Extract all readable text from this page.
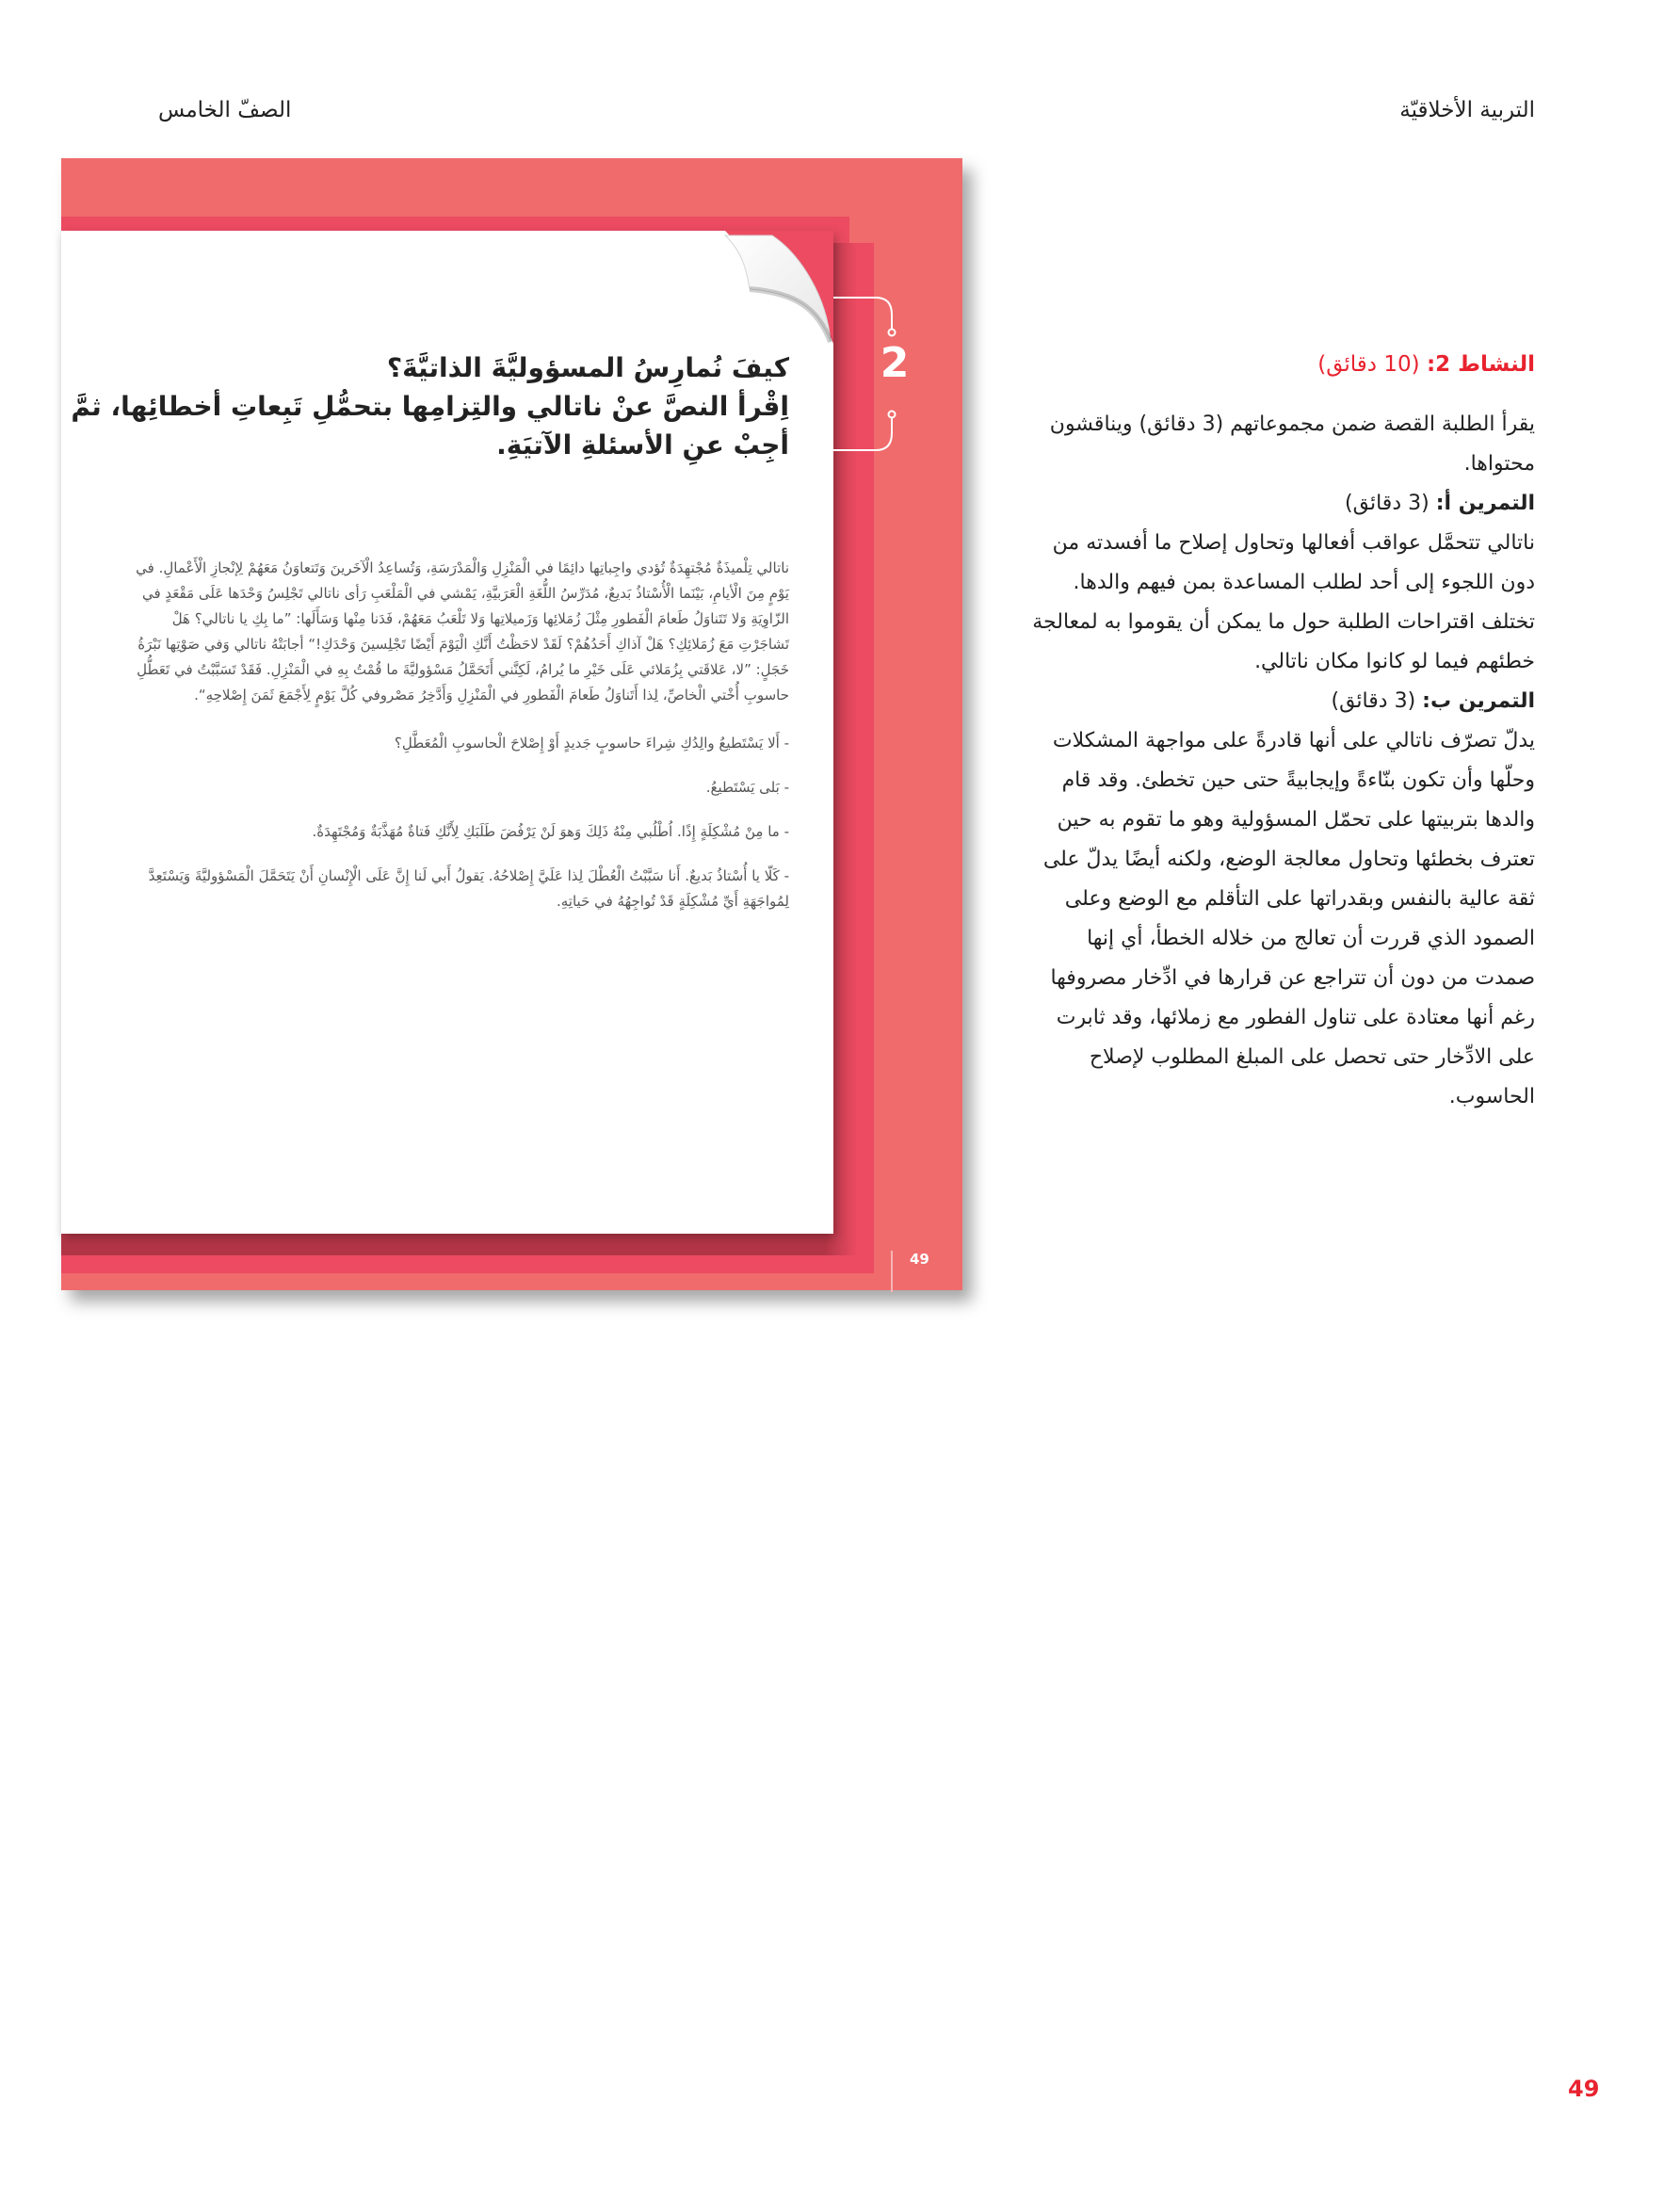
التربية الأخلاقيّة
الصفّ الخامس
2
49
كيفَ نُمارِسُ المسؤوليَّةَ الذاتيَّةَ؟
اِقْرأ النصَّ عنْ ناتالي والتِزامِها بتحمُّلِ تَبِعاتِ أخطائِها، ثمَّ
أجِبْ عنِ الأسئلةِ الآتيَةِ.

ناتالي تِلْميذَةٌ مُجْتهِدَةٌ تُؤدي واجِباتِها دائِمًا في الْمَنْزِلِ وَالْمَدْرَسَةِ، وَتُساعِدُ الْآخَرينَ وَتَتعاوَنُ مَعَهُمْ لِإنْجازِ الْأَعْمالِ. في يَوْمٍ مِنَ الْأيامِ، بَيْنَما الْأُسْتاذُ بَديعٌ، مُدَرِّسُ اللُّغَةِ الْعَرَبيَّةِ، يَمْشي في الْمَلْعَبِ رَأى ناتالي تَجْلِسُ وَحْدَها عَلَى مَقْعَدٍ في الزّاوِيَةِ وَلا تَتَناوَلُ طَعامَ الْفَطورِ مِثْلَ زُمَلائِها وَزَميلاتِها وَلا تَلْعَبُ مَعَهُمْ، فَدَنا مِنْها وَسَأَلَها: ”ما بِكِ يا ناتالي؟ هَلْ تَشاجَرْتِ مَعَ زُمَلائِكِ؟ هَلْ آذاكِ أَحَدُهُمْ؟ لَقَدْ لاحَظْتُ أَنَّكِ الْيَوْمَ أَيْضًا تَجْلِسينَ وَحْدَكِ!“ أجابَتْهُ ناتالي وَفي صَوْتِها نَبْرَةُ خَجَلٍ: ”لا، عَلاقَتي بِزُمَلائي عَلَى خَيْرِ ما يُرامُ، لَكِنَّني أَتَحَمَّلُ مَسْؤوليَّةَ ما قُمْتُ بِهِ في الْمَنْزِلِ. فَقَدْ تَسَبَّبْتُ في تَعَطُّلِ حاسوبِ أُخْتي الْخاصِّ، لِذا أَتَناوَلُ طَعامَ الْفَطورِ في الْمَنْزِلِ وَأَدَّخِرُ مَصْروفي كُلَّ يَوْمٍ لِأَجْمَعَ ثَمَنَ إِصْلاحِهِ“.

- أَلا يَسْتَطيعُ والِدُكِ شِراءَ حاسوبٍ جَديدٍ أَوْ إِصْلاحَ الْحاسوبِ الْمُعَطَّلِ؟

- بَلى يَسْتَطيعُ.

- ما مِنْ مُشْكِلَةٍ إِذًا. اُطْلُبي مِنْهُ ذَلِكَ وَهوَ لَنْ يَرْفُضَ طَلَبَكِ لِأَنَّكِ فَتاةٌ مُهَذَّبَةٌ وَمُجْتَهِدَةٌ.

- كَلّا يا أُسْتاذُ بَديعٌ. أَنا سَبَّبْتُ الْعُطْلَ لِذا عَلَيَّ إِصْلاحُهُ. يَقولُ أَبي لَنا إِنَّ عَلَى الْإِنْسانِ أَنْ يَتَحَمَّلَ الْمَسْؤوليَّةَ وَيَسْتَعِدَّ لِمُواجَهَةِ أَيِّ مُشْكِلَةٍ قَدْ تُواجِهُهُ في حَياتِهِ.

النشاط 2: (10 دقائق)

يقرأ الطلبة القصة ضمن مجموعاتهم (3 دقائق) ويناقشون محتواها.

التمرين أ: (3 دقائق)

ناتالي تتحمَّل عواقب أفعالها وتحاول إصلاح ما أفسدته من دون اللجوء إلى أحد لطلب المساعدة بمن فيهم والدها.

تختلف اقتراحات الطلبة حول ما يمكن أن يقوموا به لمعالجة خطئهم فيما لو كانوا مكان ناتالي.

التمرين ب: (3 دقائق)

يدلّ تصرّف ناتالي على أنها قادرةً على مواجهة المشكلات وحلّها وأن تكون بنّاءةً وإيجابيةً حتى حين تخطئ. وقد قام والدها بتربيتها على تحمّل المسؤولية وهو ما تقوم به حين تعترف بخطئها وتحاول معالجة الوضع، ولكنه أيضًا يدلّ على ثقة عالية بالنفس وبقدراتها على التأقلم مع الوضع وعلى الصمود الذي قررت أن تعالج من خلاله الخطأ، أي إنها صمدت من دون أن تتراجع عن قرارها في ادِّخار مصروفها رغم أنها معتادة على تناول الفطور مع زملائها، وقد ثابرت على الادِّخار حتى تحصل على المبلغ المطلوب لإصلاح الحاسوب.

49
